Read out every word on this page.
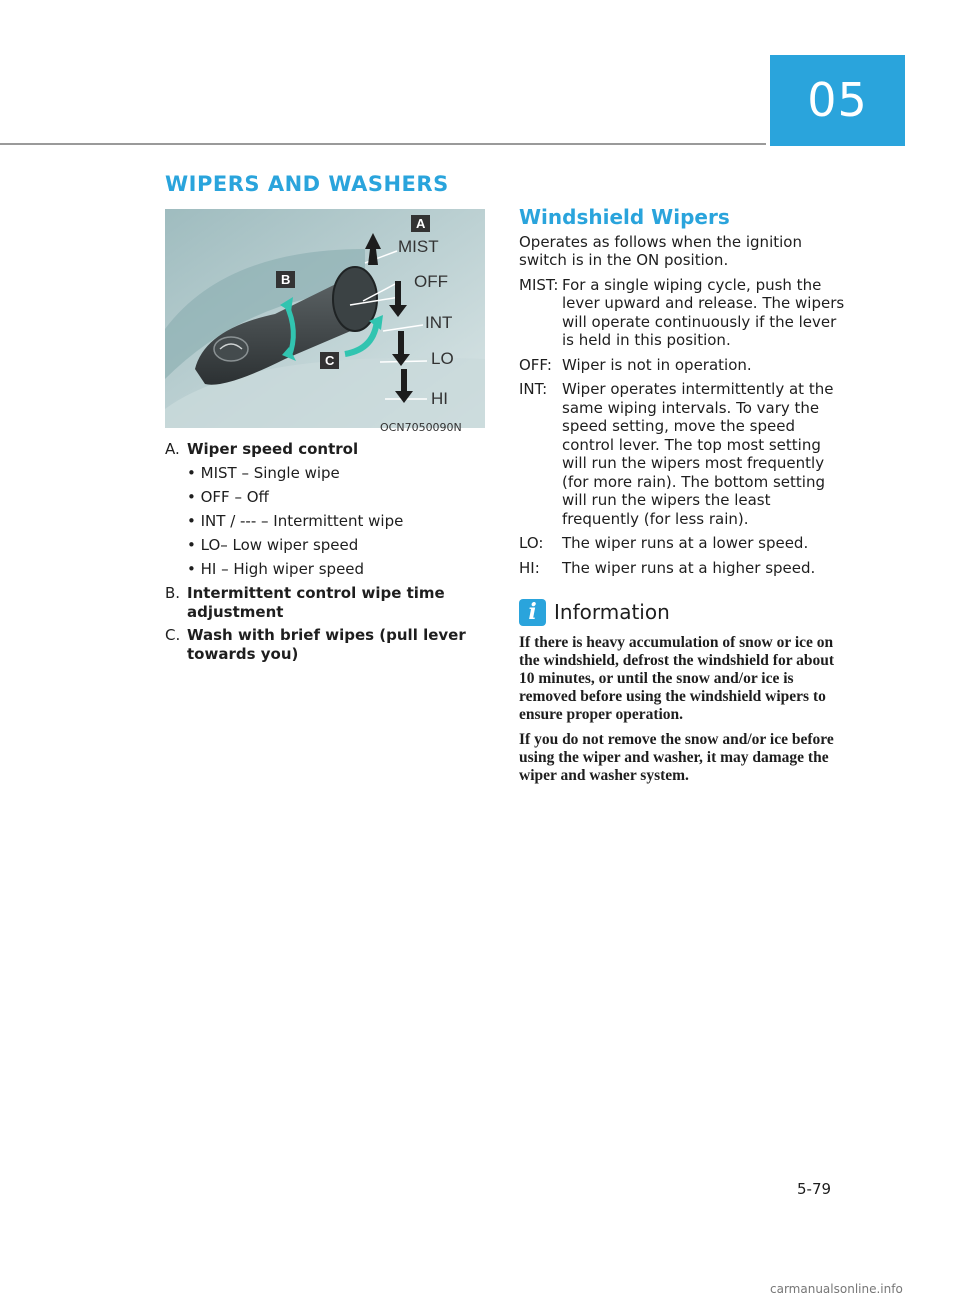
05
WIPERS AND WASHERS
A
B
C
MIST
OFF
INT
LO
HI
OCN7050090N
A. Wiper speed control
• MIST – Single wipe
• OFF – Off
• INT / --- – Intermittent wipe
• LO– Low wiper speed
• HI – High wiper speed
B. Intermittent control wipe time adjustment
C. Wash with brief wipes (pull lever towards you)
Windshield Wipers

Operates as follows when the ignition switch is in the ON position.

MIST: For a single wiping cycle, push the lever upward and release. The wipers will operate continuously if the lever is held in this position.
OFF: Wiper is not in operation.
INT: Wiper operates intermittently at the same wiping intervals. To vary the speed setting, move the speed control lever. The top most setting will run the wipers most frequently (for more rain). The bottom setting will run the wipers the least frequently (for less rain).
LO:	The wiper runs at a lower speed.
HI:	The wiper runs at a higher speed.
i Information

If there is heavy accumulation of snow or ice on the windshield, defrost the windshield for about 10 minutes, or until the snow and/or ice is removed before using the windshield wipers to ensure proper operation.

If you do not remove the snow and/or ice before using the wiper and washer, it may damage the wiper and washer system.

5-79
carmanualsonline.info
